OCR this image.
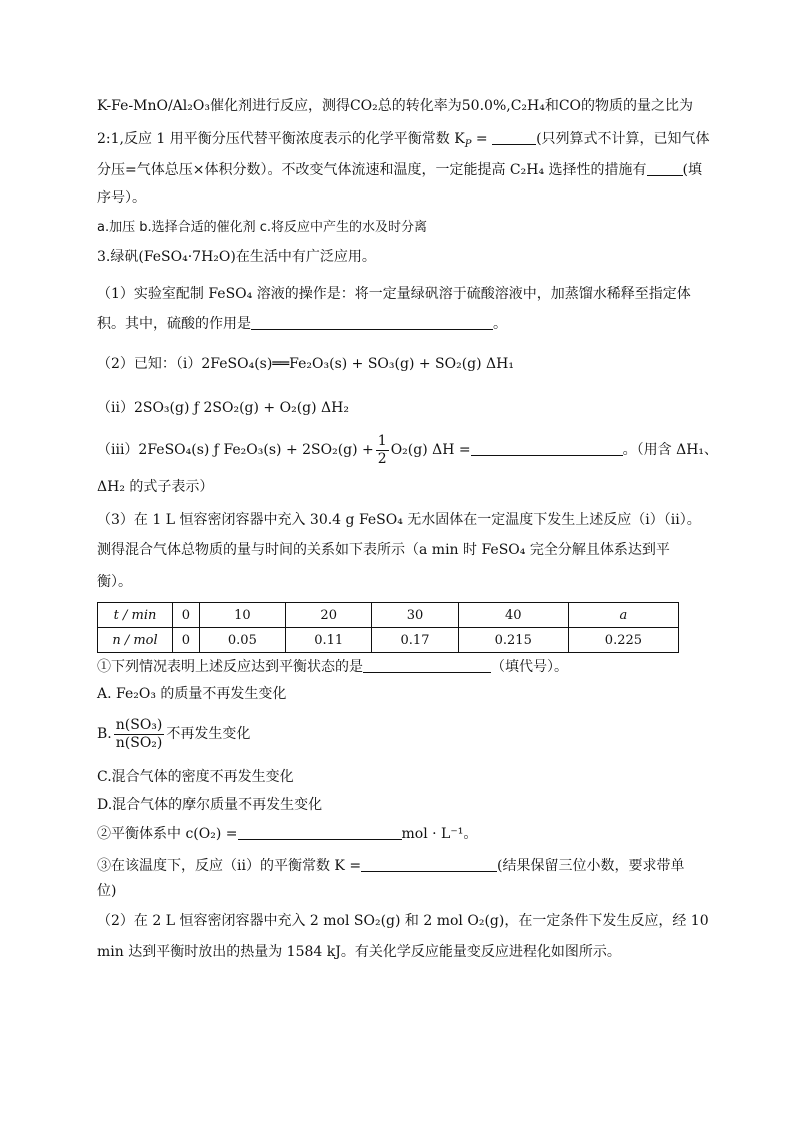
K-Fe-MnO/Al₂O₃催化剂进行反应，测得CO₂总的转化率为50.0%,C₂H₄和CO的物质的量之比为
2:1,反应 1 用平衡分压代替平衡浓度表示的化学平衡常数 $K_P$ =	(只列算式不计算，已知气体
分压=气体总压×体积分数）。不改变气体流速和温度，一定能提高 C₂H₄ 选择性的措施有	(填
序号）。
a.加压 b.选择合适的催化剂 c.将反应中产生的水及时分离
3.绿矾(FeSO₄·7H₂O)在生活中有广泛应用。
（1）实验室配制 FeSO₄ 溶液的操作是：将一定量绿矾溶于硫酸溶液中，加蒸馏水稀释至指定体
积。其中，硫酸的作用是	。
（2）已知：（i）2FeSO₄(s)══Fe₂O₃(s) + SO₃(g) + SO₂(g) ΔH₁
（ii）2SO₃(g) ƒ 2SO₂(g) + O₂(g) ΔH₂
（iii）2FeSO₄(s) ƒ $Fe_2O_3(s) + 2SO_2(g) + \frac{1}{2} O_2(g) \Delta H$ =	。（用含 ΔH₁、
ΔH₂ 的式子表示）
（3）在 1 L 恒容密闭容器中充入 30.4 g FeSO₄ 无水固体在一定温度下发生上述反应（i）（ii）。
测得混合气体总物质的量与时间的关系如下表所示（a min 时 FeSO₄ 完全分解且体系达到平
衡）。
t / min	0	10	20	30	40	a
n / mol	0	0.05	0.11	0.17	0.215	0.225
①下列情况表明上述反应达到平衡状态的是	（填代号）。
A. Fe₂O₃ 的质量不再发生变化
B. $\frac{\text{n(SO₃)}}{\text{n(SO₂)}}$ 不再发生变化
C.混合气体的密度不再发生变化
D.混合气体的摩尔质量不再发生变化
②平衡体系中 c(O₂) =	mol · L⁻¹。
③在该温度下，反应（ii）的平衡常数 K =	(结果保留三位小数，要求带单
位)
（2）在 2 L 恒容密闭容器中充入 2 mol SO₂(g) 和 2 mol O₂(g)，在一定条件下发生反应，经 10
min 达到平衡时放出的热量为 1584 kJ。有关化学反应能量变反应进程化如图所示。
